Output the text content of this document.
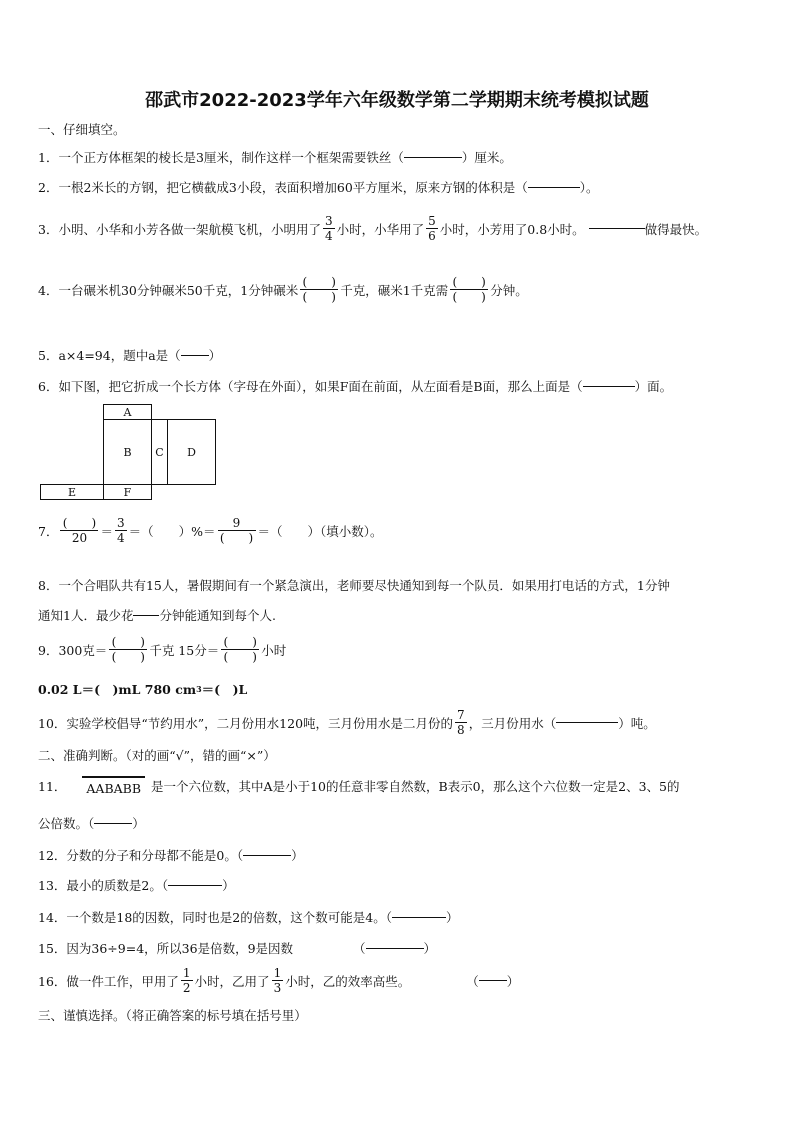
邵武市2022-2023学年六年级数学第二学期期末统考模拟试题
一、仔细填空。
1．一个正方体框架的棱长是3厘米，制作这样一个框架需要铁丝（	）厘米。
2．一根2米长的方钢，把它横截成3小段，表面积增加60平方厘米，原来方钢的体积是（	）。
3．小明、小华和小芳各做一架航模飞机，小明用了 $\frac{3}{4}$ 小时，小华用了 $\frac{5}{6}$ 小时，小芳用了0.8小时。	做得最快。
4．一台碾米机30分钟碾米50千克，1分钟碾米 $\frac{( )}{( )}$ 千克，碾米1千克需 $\frac{( )}{( )}$ 分钟。
5．a×4=94，题中a是（ ）
6．如下图，把它折成一个长方体（字母在外面），如果F面在前面，从左面看是B面，那么上面是（	）面。
A
B	C	D
E	F
7． $\frac{( )}{20} = \frac{3}{4}$ ＝（　　）%＝ $\frac{9}{( )}$ ＝（　　）（填小数）。
8．一个合唱队共有15人，暑假期间有一个紧急演出，老师要尽快通知到每一个队员．如果用打电话的方式，1分钟
通知1人．最少花 分钟能通知到每个人.
9．300克＝ $\frac{( )}{( )}$ 千克 15分＝ $\frac{( )}{( )}$ 小时
0.02 L＝(　)mL 780 cm 3 ＝(　)L
10．实验学校倡导“节约用水”，二月份用水120吨，三月份用水是二月份的 $\frac{7}{8}$ ，三月份用水（	）吨。
二、准确判断。（对的画“√”，错的画“×”）
11．	AABABB 是一个六位数，其中A是小于10的任意非零自然数，B表示0，那么这个六位数一定是2、3、5的
公倍数。（	）
12．分数的分子和分母都不能是0。（	）
13．最小的质数是2。（	）
14．一个数是18的因数，同时也是2的倍数，这个数可能是4。（	）
15．因为36÷9=4，所以36是倍数，9是因数	（	）
16．做一件工作，甲用了 $\frac{1}{2}$ 小时，乙用了 $\frac{1}{3}$ 小时，乙的效率高些。	（ ）
三、谨慎选择。（将正确答案的标号填在括号里）
